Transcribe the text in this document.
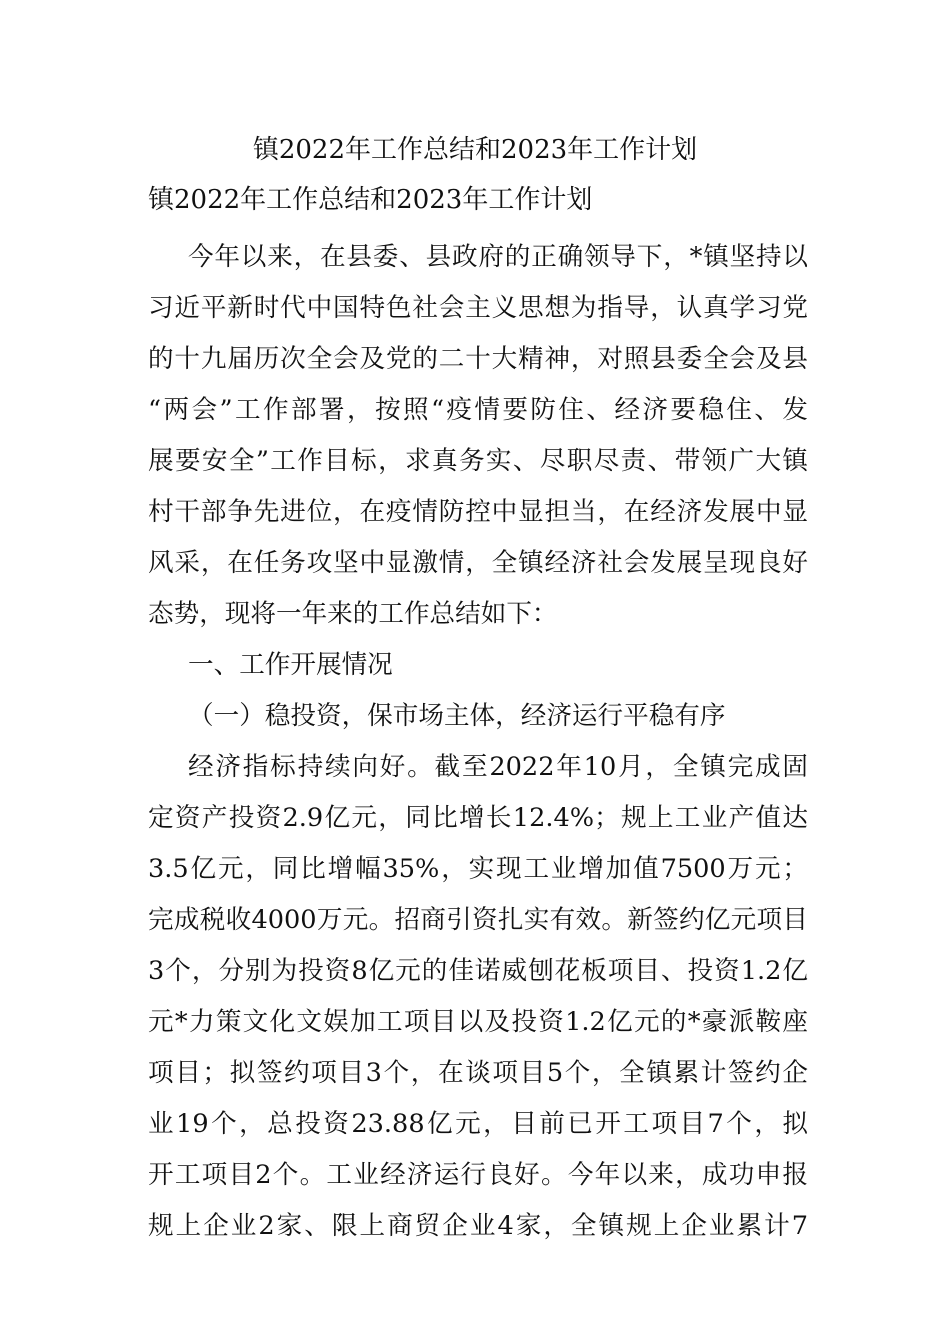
镇2022年工作总结和2023年工作计划
镇2022年工作总结和2023年工作计划
今年以来，在县委、县政府的正确领导下，*镇坚持以
习近平新时代中国特色社会主义思想为指导，认真学习党
的十九届历次全会及党的二十大精神，对照县委全会及县
“两会”工作部署，按照“疫情要防住、经济要稳住、发
展要安全”工作目标，求真务实、尽职尽责、带领广大镇
村干部争先进位，在疫情防控中显担当，在经济发展中显
风采，在任务攻坚中显激情，全镇经济社会发展呈现良好
态势，现将一年来的工作总结如下：
一、工作开展情况
（一）稳投资，保市场主体，经济运行平稳有序
经济指标持续向好。截至2022年10月，全镇完成固
定资产投资2.9亿元，同比增长12.4%；规上工业产值达
3.5亿元，同比增幅35%，实现工业增加值7500万元；
完成税收4000万元。招商引资扎实有效。新签约亿元项目
3个，分别为投资8亿元的佳诺威刨花板项目、投资1.2亿
元*力策文化文娱加工项目以及投资1.2亿元的*豪派鞍座
项目；拟签约项目3个，在谈项目5个，全镇累计签约企
业19个，总投资23.88亿元，目前已开工项目7个，拟
开工项目2个。工业经济运行良好。今年以来，成功申报
规上企业2家、限上商贸企业4家，全镇规上企业累计7
